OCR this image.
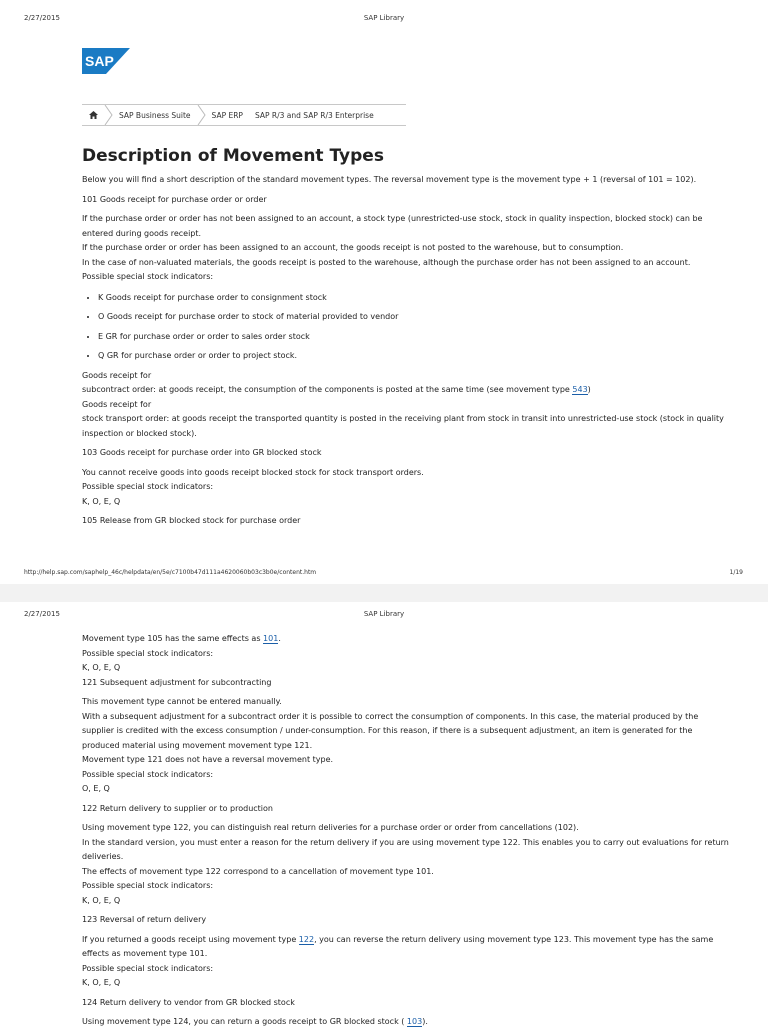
2/27/2015	SAP Library
SAP
SAP Business Suite	SAP ERP	SAP R/3 and SAP R/3 Enterprise
Description of Movement Types

Below you will find a short description of the standard movement types. The reversal movement type is the movement type + 1 (reversal of 101 = 102).

101 Goods receipt for purchase order or order

If the purchase order or order has not been assigned to an account, a stock type (unrestricted-use stock, stock in quality inspection, blocked stock) can be entered during goods receipt.

If the purchase order or order has been assigned to an account, the goods receipt is not posted to the warehouse, but to consumption.

In the case of non-valuated materials, the goods receipt is posted to the warehouse, although the purchase order has not been assigned to an account.

Possible special stock indicators:

• K Goods receipt for purchase order to consignment stock
• O Goods receipt for purchase order to stock of material provided to vendor
• E GR for purchase order or order to sales order stock
• Q GR for purchase order or order to project stock.

Goods receipt for

subcontract order: at goods receipt, the consumption of the components is posted at the same time (see movement type 543)

Goods receipt for

stock transport order: at goods receipt the transported quantity is posted in the receiving plant from stock in transit into unrestricted-use stock (stock in quality inspection or blocked stock).

103 Goods receipt for purchase order into GR blocked stock

You cannot receive goods into goods receipt blocked stock for stock transport orders.

Possible special stock indicators:

K, O, E, Q

105 Release from GR blocked stock for purchase order

http://help.sap.com/saphelp_46c/helpdata/en/5e/c7100b47d111a4620060b03c3b0e/content.htm	1/19
2/27/2015	SAP Library

Movement type 105 has the same effects as 101.

Possible special stock indicators:

K, O, E, Q

121 Subsequent adjustment for subcontracting

This movement type cannot be entered manually.

With a subsequent adjustment for a subcontract order it is possible to correct the consumption of components. In this case, the material produced by the supplier is credited with the excess consumption / under-consumption. For this reason, if there is a subsequent adjustment, an item is generated for the produced material using movement movement type 121.

Movement type 121 does not have a reversal movement type.

Possible special stock indicators:

O, E, Q

122 Return delivery to supplier or to production

Using movement type 122, you can distinguish real return deliveries for a purchase order or order from cancellations (102).

In the standard version, you must enter a reason for the return delivery if you are using movement type 122. This enables you to carry out evaluations for return deliveries.

The effects of movement type 122 correspond to a cancellation of movement type 101.

Possible special stock indicators:

K, O, E, Q

123 Reversal of return delivery

If you returned a goods receipt using movement type 122, you can reverse the return delivery using movement type 123. This movement type has the same effects as movement type 101.

Possible special stock indicators:

K, O, E, Q

124 Return delivery to vendor from GR blocked stock

Using movement type 124, you can return a goods receipt to GR blocked stock ( 103).
